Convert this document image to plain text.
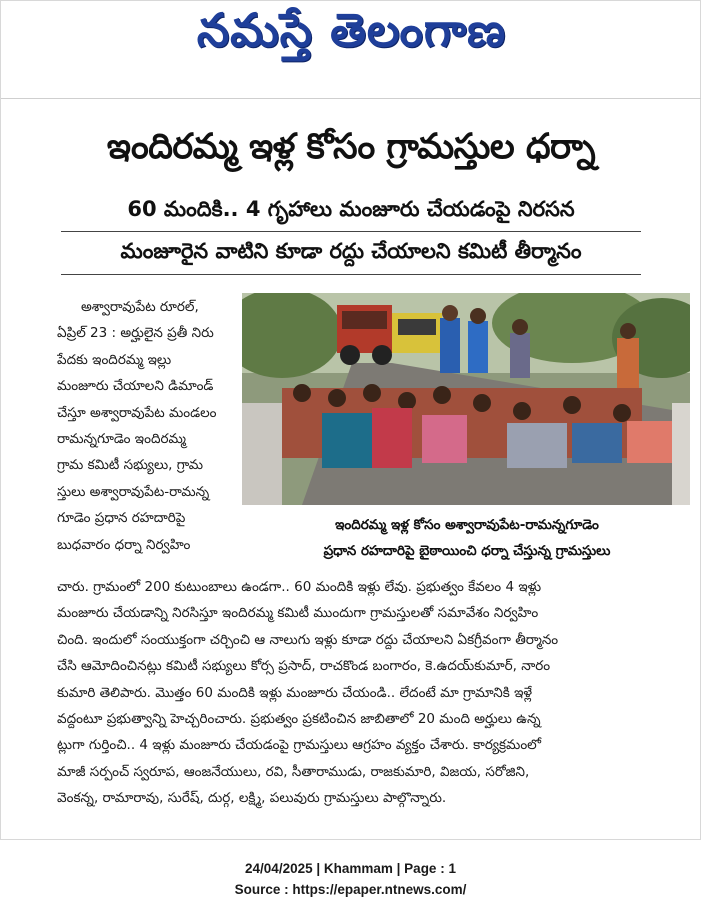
నమస్తే తెలంగాణ
ఇందిరమ్మ ఇళ్ల కోసం గ్రామస్తుల ధర్నా
60 మందికి.. 4 గృహాలు మంజూరు చేయడంపై నిరసన
మంజూరైన వాటిని కూడా రద్దు చేయాలని కమిటీ తీర్మానం
అశ్వారావుపేట రూరల్,
ఏప్రిల్ 23 : అర్హులైన ప్రతీ నిరు
పేదకు ఇందిరమ్మ ఇల్లు
మంజూరు చేయాలని డిమాండ్
చేస్తూ అశ్వారావుపేట మండలం
రామన్నగూడెం ఇందిరమ్మ
గ్రామ కమిటీ సభ్యులు, గ్రామ
స్తులు అశ్వారావుపేట-రామన్న
గూడెం ప్రధాన రహదారిపై
బుధవారం ధర్నా నిర్వహిం
ఇందిరమ్మ ఇళ్ల కోసం అశ్వారావుపేట-రామన్నగూడెం
ప్రధాన రహదారిపై బైఠాయించి ధర్నా చేస్తున్న గ్రామస్తులు
చారు. గ్రామంలో 200 కుటుంబాలు ఉండగా.. 60 మందికి ఇళ్లు లేవు. ప్రభుత్వం కేవలం 4 ఇళ్లు
మంజూరు చేయడాన్ని నిరసిస్తూ ఇందిరమ్మ కమిటీ ముందుగా గ్రామస్తులతో సమావేశం నిర్వహిం
చింది. ఇందులో సంయుక్తంగా చర్చించి ఆ నాలుగు ఇళ్లు కూడా రద్దు చేయాలని ఏకగ్రీవంగా తీర్మానం
చేసి ఆమోదించినట్లు కమిటీ సభ్యులు కోర్స ప్రసాద్, రాచకొండ బంగారం, కె.ఉదయ్‌కుమార్, నారం
కుమారి తెలిపారు. మొత్తం 60 మందికి ఇళ్లు మంజూరు చేయండి.. లేదంటే మా గ్రామానికి ఇళ్లే
వద్దంటూ ప్రభుత్వాన్ని హెచ్చరించారు. ప్రభుత్వం ప్రకటించిన జాబితాలో 20 మంది అర్హులు ఉన్న
ట్లుగా గుర్తించి.. 4 ఇళ్లు మంజూరు చేయడంపై గ్రామస్తులు ఆగ్రహం వ్యక్తం చేశారు. కార్యక్రమంలో
మాజీ సర్పంచ్ స్వరూప, ఆంజనేయులు, రవి, సీతారాముడు, రాజకుమారి, విజయ, సరోజిని,
వెంకన్న, రామారావు, సురేష్, దుర్గ, లక్ష్మి, పలువురు గ్రామస్తులు పాల్గొన్నారు.
24/04/2025 | Khammam | Page : 1
Source : https://epaper.ntnews.com/
